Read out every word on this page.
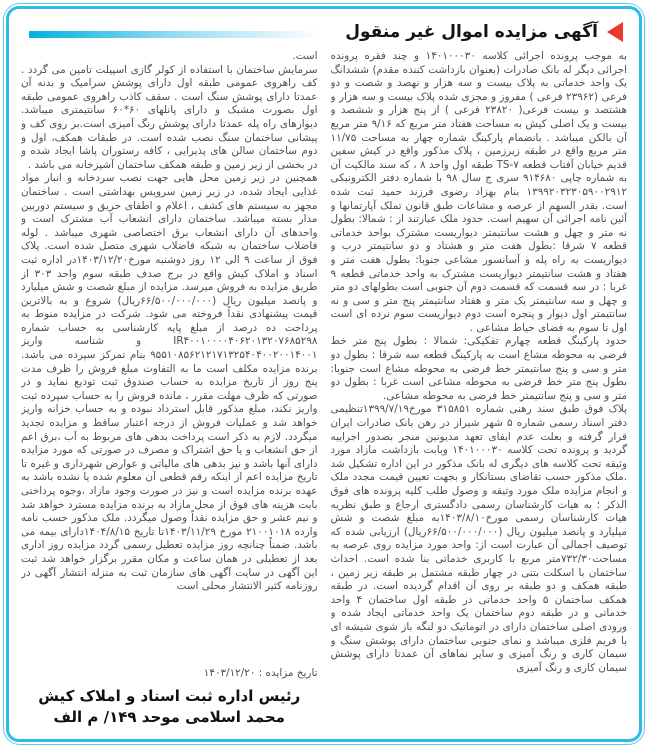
آگهی مزایده اموال غیر منقول

به موجب پرونده اجرائی کلاسه ۱۴۰۱۰۰۰۳۰ و چند فقره پرونده اجرائی دیگر له بانک صادرات (بعنوان بازداشت کننده مقدم) ششدانگ یک واحد خدماتی به پلاک بیست و سه هزار و نهصد و شصت و دو فرعی (۲۳۹۶۲ فرعی ) مفروز و مجزی شده پلاک بیست و سه هزار و هشتصد و بیست فرعی( ۲۳۸۲۰ فرعی ) از پنج هزار و ششصد و بیست و یک اصلی کیش به مساحت هفتاد متر مربع که ۹/۱۶ متر مربع آن بالکن میباشد . بانضمام پارکینگ شماره چهار به مساحت ۱۱/۷۵ متر مربع واقع در طبقه زیرزمین ، پلاک مذکور واقع در کیش سفین قدیم خیابان آفتاب قطعه TS-۷ طبقه اول واحد ۸ ، که سند مالکیت آن به شماره چاپی ۹۱۴۶۸۰ سری ج سال ۹۸ با شماره دفتر الکترونیکی ۱۳۹۹۲۰۳۲۳۰۵۹۰۰۲۹۱۲ بنام بهزاد رضوی فرزند حمید ثبت شده است. بقدر السهم از عرصه و مشاعات طبق قانون تملک آپارتمانها و آئین نامه اجرائی آن سهیم است. حدود ملک عبارتند از : شمالا: بطول نه متر و چهل و هشت سانتیمتر دیواریست مشترک بواحد خدماتی قطعه ۷ شرقا :بطول هفت متر و هشتاد و دو سانتیمتر درب و دیواریست به راه پله و آسانسور مشاعی جنوبا: بطول هفت متر و هفتاد و هشت سانتیمتر دیواریست مشترک به واحد خدماتی قطعه ۹ غربا : در سه قسمت که قسمت دوم آن جنوبی است بطولهای دو متر و چهل و سه سانتیمتر یک متر و هفتاد سانتیمتر پنج متر و سی و نه سانتیمتر اول دیوار و پنجره است دوم دیواریست سوم نرده ای است اول تا سوم به فضای حیاط مشاعی .

حدود پارکینگ قطعه چهارم تفکیکی: شمالا : بطول پنج متر خط فرضی به محوطه مشاع است به پارکینگ قطعه سه شرقا : بطول دو متر و سی و پنج سانتیمتر خط فرضی به محوطه مشاع است جنوبا: بطول پنج متر خط فرضی به محوطه مشاعی است غربا : بطول دو متر و سی و پنج سانتیمتر خط فرضی به محوطه مشاعی.

پلاک فوق طبق سند رهنی شماره ۳۱۵۸۵۱ مورخ۱۳۹۹/۷/۱۹تنظیمی دفتر اسناد رسمی شماره ۵ شهر شیراز در رهن بانک صادرات ایران قرار گرفته و بعلت عدم ایفای تعهد مدیونین منجر بصدور اجراییه گردید و پرونده تحت کلاسه ۱۴۰۱۰۰۰۳۰ وبابت بازداشت مازاد مورد وثیقه تحت کلاسه های دیگری له بانک مذکور در این اداره تشکیل شد .ملک مذکور حسب تقاضای بستانکار و بجهت تعیین قیمت مجدد ملک و انجام مزایده ملک مورد وثیقه و وصول طلب کلیه پرونده های فوق الذکر ؛ به هیات کارشناسان رسمی دادگستری ارجاع و طبق نظریه هیات کارشناسان رسمی مورخ۱۴۰۳/۸/۱۰به مبلغ شصت و شش میلیارد و پانصد میلیون ریال (۶۶/۵۰۰/۰۰۰/۰۰۰ریال) ارزیابی شده که توصیف اجمالی آن عبارت است از: واحد مورد مزایده روی عرصه به مساحت۷۳۲/۳۰متر مربع با کاربری خدماتی بنا شده است. احداث ساختمان با اسکلت بتنی در چهار طبقه مشتمل بر طبقه زیر زمین ، طبقه همکف و دو طبقه بر روی آن اقدام گردیده است. در طبقه همکف ساختمان ۵ واحد خدماتی در طبقه اول ساختمان ۴ واحد خدماتی و در طبقه دوم ساختمان یک واحد خدماتی ایجاد شده و ورودی اصلی ساختمان دارای در اتوماتیک دو لنگه باز شوی شیشه ای با فریم فلزی میباشد و نمای جنوبی ساختمان دارای پوشش سنگ و سیمان کاری و رنگ آمیزی و سایر نماهای آن عمدتا دارای پوشش سیمان کاری و رنگ آمیزی

است.

سرمایش ساختمان با استفاده از کولر گازی اسپیلت تامین می گردد . کف راهروی عمومی طبقه اول دارای پوشش سرامیک و بدنه آن عمدتا دارای پوشش سنگ است . سقف کاذب راهروی عمومی طبقه اول بصورت مشبک و دارای پانلهای ۶۰*۶۰ سانتیمتری میباشد. دیوارهای راه پله عمدتا دارای پوشش رنگ آمیزی است.بر روی کف و پیشانی ساختمان سنگ نصب شده است. در طبقات همکف، اول و دوم ساختمان سالن های پذیرایی ، کافه رستوران پاشا ایجاد شده و در بخشی از زیر زمین و طبقه همکف ساختمان آشپزخانه می باشد .

همچنین در زیر زمین محل هایی جهت نصب سردخانه و انبار مواد غذایی ایجاد شده، در زیر زمین سرویس بهداشتی است . ساختمان مجهز به سیستم های کشف ، اعلام و اطفای حریق و سیستم دوربین مدار بسته میباشد. ساختمان دارای انشعاب آب مشترک است و واحدهای آن دارای انشعاب برق اختصاصی شهری میباشد . لوله فاضلاب ساختمان به شبکه فاضلاب شهری متصل شده است. پلاک فوق از ساعت ۹ الی ۱۲ روز دوشنبه مورخ۱۴۰۳/۱۲/۲۰در اداره ثبت اسناد و املاک کیش واقع در برج صدف طبقه سوم واحد ۳۰۳ از طریق مزایده به فروش میرسد. مزایده از مبلغ شصت و شش میلیارد و پانصد میلیون ریال (۶۶/۵۰۰/۰۰۰/۰۰۰ریال) شروع و به بالاترین قیمت پیشنهادی نقداً فروخته می شود. شرکت در مزایده منوط به پرداخت ده درصد از مبلغ پایه کارشناسی به حساب شماره IR۴۰۰۱۰۰۰۰۴۰۶۲۰۱۳۲۰۷۶۸۵۲۹۸ و شناسه واریز ۹۵۵۱۰۸۵۶۲۱۲۱۷۱۳۲۵۴۰۴۰۰۲۰۰۱۴۰۰۱ بنام تمرکز سپرده می باشد. برنده مزایده مکلف است ما به التفاوت مبلغ فروش را ظرف مدت پنج روز از تاریخ مزایده به حساب صندوق ثبت تودیع نماید و در صورتی که ظرف مهلت مقرر ، مانده فروش را به حساب سپرده ثبت واریز نکند، مبلغ مذکور قابل استرداد نبوده و به حساب خزانه واریز خواهد شد و عملیات فروش از درجه اعتبار ساقط و مزایده تجدید میگردد. لازم به ذکر است پرداخت بدهی های مربوط به آب ،برق اعم از حق انشعاب و یا حق اشتراک و مصرف در صورتی که مورد مزایده دارای آنها باشد و نیز بدهی های مالیاتی و عوارض شهرداری و غیره تا تاریخ مزایده اعم از اینکه رقم قطعی آن معلوم شده یا نشده باشد به عهده برنده مزایده است و نیز در صورت وجود مازاد ،وجوه پرداختی بابت هزینه های فوق از محل مازاد به برنده مزایده مسترد خواهد شد و نیم عشر و حق مزایده نقداً وصول میگردد. ملک مذکور حسب نامه وارده ۲۱۰۰۱۰۱۸ مورخ ۱۴۰۳/۱۱/۲۹تا تاریخ ۱۴۰۴/۸/۱۵دارای بیمه می باشد. ضمناً چنانچه روز مزایده تعطیل رسمی گردد مزایده روز اداری بعد از تعطیلی در همان ساعت و مکان مقرر برگزار خواهد شد ثبت این آگهی در سایت آگهی های سازمان ثبت به منزله انتشار آگهی در روزنامه کثیر الانتشار محلی است

تاریخ مزایده : ۱۴۰۳/۱۲/۲۰

رئیس اداره ثبت اسناد و املاک کیش
محمد اسلامی موحد ۱۴۹/ م الف
